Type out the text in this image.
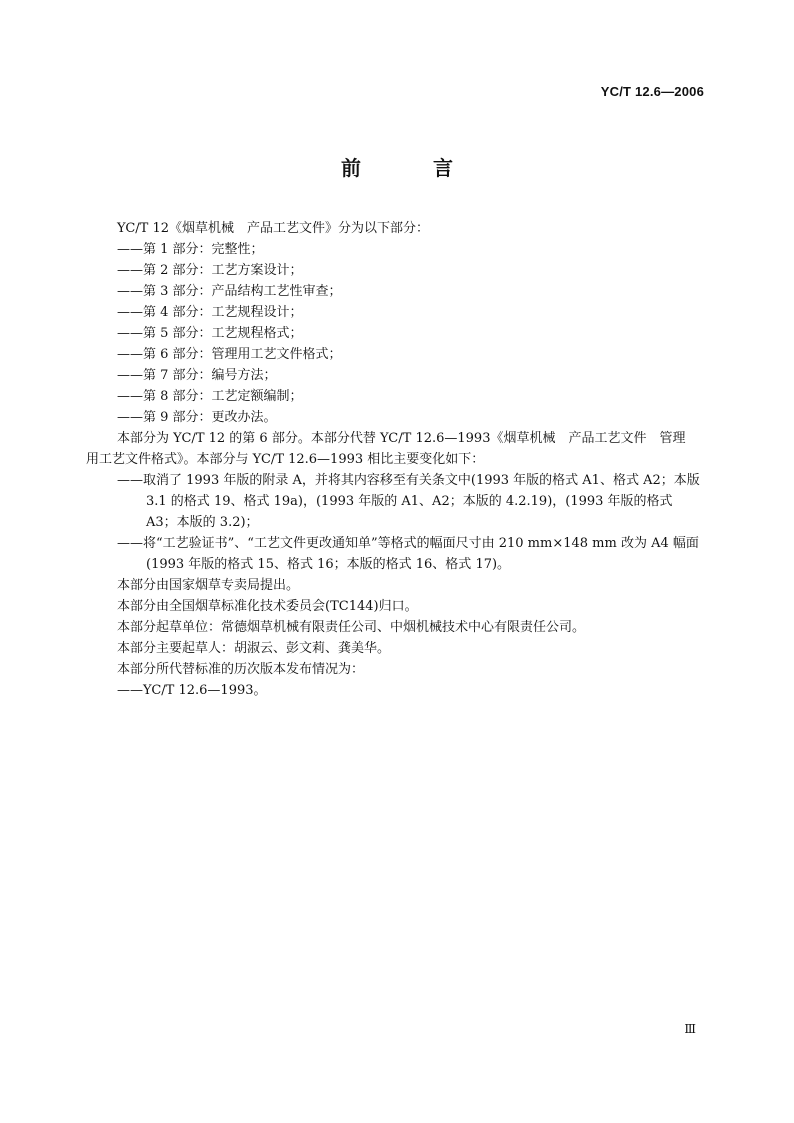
YC/T 12.6—2006
前　言

YC/T 12《烟草机械　产品工艺文件》分为以下部分：

——第 1 部分：完整性；

——第 2 部分：工艺方案设计；

——第 3 部分：产品结构工艺性审查；

——第 4 部分：工艺规程设计；

——第 5 部分：工艺规程格式；

——第 6 部分：管理用工艺文件格式；

——第 7 部分：编号方法；

——第 8 部分：工艺定额编制；

——第 9 部分：更改办法。

本部分为 YC/T 12 的第 6 部分。本部分代替 YC/T 12.6—1993《烟草机械　产品工艺文件　管理

用工艺文件格式》。本部分与 YC/T 12.6—1993 相比主要变化如下：

——取消了 1993 年版的附录 A，并将其内容移至有关条文中(1993 年版的格式 A1、格式 A2；本版 3.1 的格式 19、格式 19a)，(1993 年版的 A1、A2；本版的 4.2.19)，(1993 年版的格式 A3；本版的 3.2)；

——将“工艺验证书”、“工艺文件更改通知单”等格式的幅面尺寸由 210 mm×148 mm 改为 A4 幅面(1993 年版的格式 15、格式 16；本版的格式 16、格式 17)。

本部分由国家烟草专卖局提出。

本部分由全国烟草标准化技术委员会(TC144)归口。

本部分起草单位：常德烟草机械有限责任公司、中烟机械技术中心有限责任公司。

本部分主要起草人：胡淑云、彭文莉、龚美华。

本部分所代替标准的历次版本发布情况为：

——YC/T 12.6—1993。

Ⅲ
